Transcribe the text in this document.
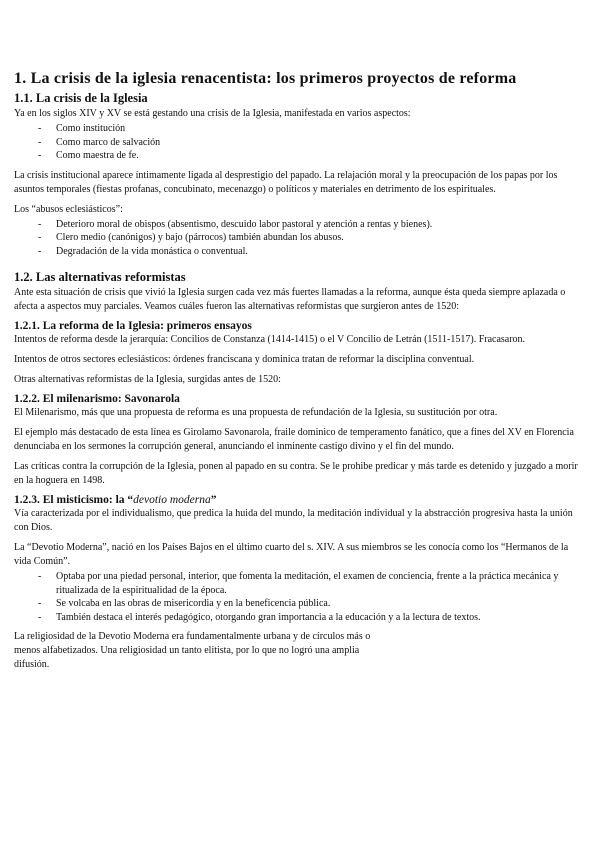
1. La crisis de la iglesia renacentista: los primeros proyectos de reforma
1.1. La crisis de la Iglesia

Ya en los siglos XIV y XV se está gestando una crisis de la Iglesia, manifestada en varios aspectos:

- Como institución
- Como marco de salvación
- Como maestra de fe.

La crisis institucional aparece íntimamente ligada al desprestigio del papado. La relajación moral y la preocupación de los papas por los asuntos temporales (fiestas profanas, concubinato, mecenazgo) o políticos y materiales en detrimento de los espirituales.

Los “abusos eclesiásticos”:

- Deterioro moral de obispos (absentismo, descuido labor pastoral y atención a rentas y bienes).
- Clero medio (canónigos) y bajo (párrocos) también abundan los abusos.
- Degradación de la vida monástica o conventual.
1.2. Las alternativas reformistas

Ante esta situación de crisis que vivió la Iglesia surgen cada vez más fuertes llamadas a la reforma, aunque ésta queda siempre aplazada o afecta a aspectos muy parciales. Veamos cuáles fueron las alternativas reformistas que surgieron antes de 1520:

1.2.1. La reforma de la Iglesia: primeros ensayos

Intentos de reforma desde la jerarquía: Concilios de Constanza (1414-1415) o el V Concilio de Letrán (1511-1517). Fracasaron.

Intentos de otros sectores eclesiásticos: órdenes franciscana y dominica tratan de reformar la disciplina conventual.

Otras alternativas reformistas de la Iglesia, surgidas antes de 1520:

1.2.2. El milenarismo: Savonarola

El Milenarismo, más que una propuesta de reforma es una propuesta de refundación de la Iglesia, su sustitución por otra.

El ejemplo más destacado de esta línea es Girolamo Savonarola, fraile dominico de temperamento fanático, que a fines del XV en Florencia denunciaba en los sermones la corrupción general, anunciando el inminente castigo divino y el fin del mundo.

Las críticas contra la corrupción de la Iglesia, ponen al papado en su contra. Se le prohibe predicar y más tarde es detenido y juzgado a morir en la hoguera en 1498.

1.2.3. El misticismo: la “devotio moderna”

Vía caracterizada por el individualismo, que predica la huida del mundo, la meditación individual y la abstracción progresiva hasta la unión con Dios.

La “Devotio Moderna”, nació en los Países Bajos en el último cuarto del s. XIV. A sus miembros se les conocía como los “Hermanos de la vida Común”.

- Optaba por una piedad personal, interior, que fomenta la meditación, el examen de conciencia, frente a la práctica mecánica y ritualizada de la espiritualidad de la época.
- Se volcaba en las obras de misericordia y en la beneficencia pública.
- También destaca el interés pedagógico, otorgando gran importancia a la educación y a la lectura de textos.

La religiosidad de la Devotio Moderna era fundamentalmente urbana y de círculos más o menos alfabetizados. Una religiosidad un tanto elitista, por lo que no logró una amplia difusión.
